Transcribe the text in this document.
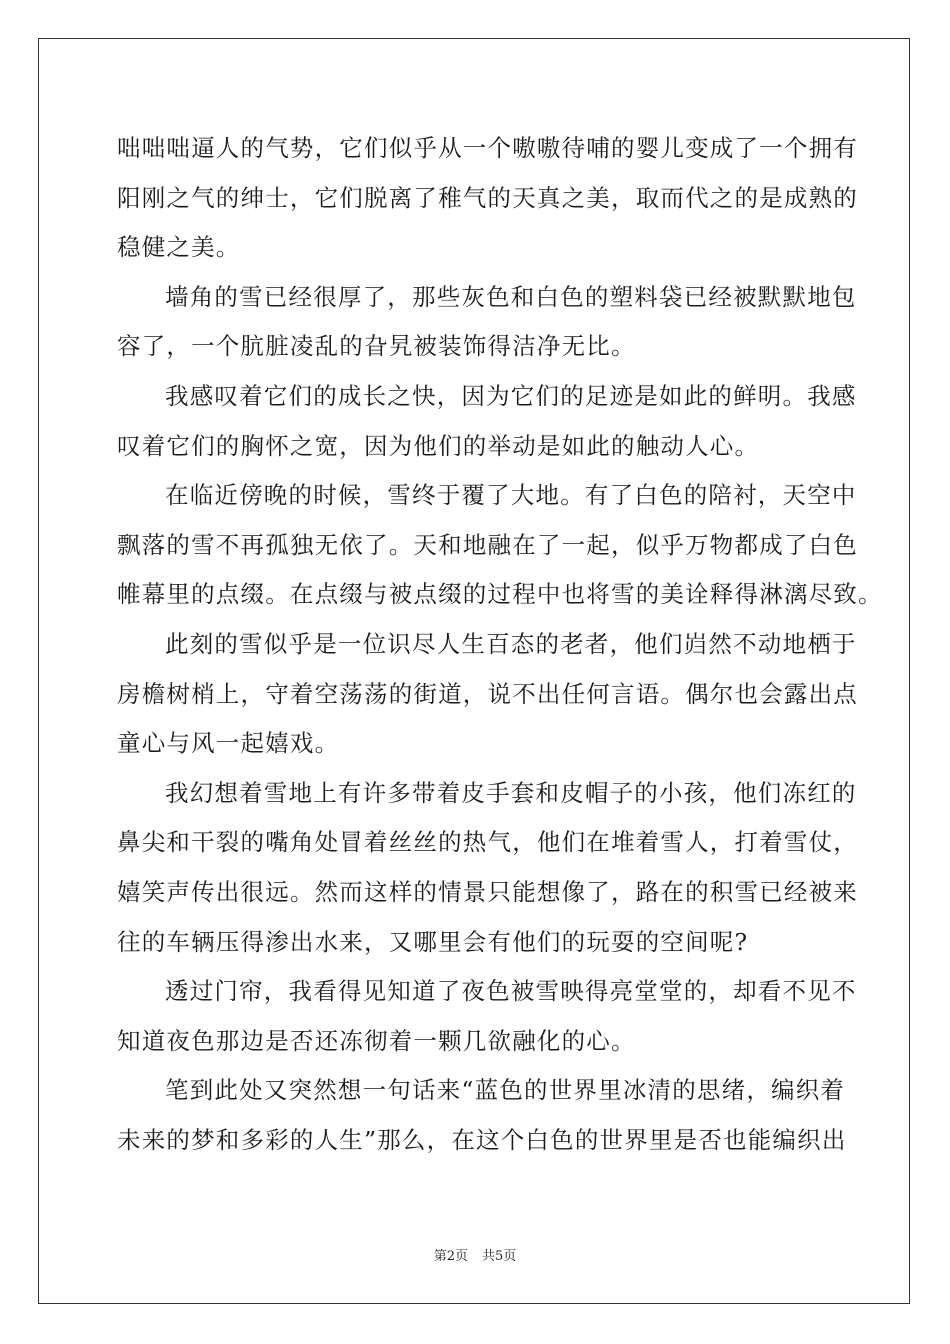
咄咄咄逼人的气势，它们似乎从一个嗷嗷待哺的婴儿变成了一个拥有
阳刚之气的绅士，它们脱离了稚气的天真之美，取而代之的是成熟的
稳健之美。
墙角的雪已经很厚了，那些灰色和白色的塑料袋已经被默默地包
容了，一个肮脏凌乱的旮旯被装饰得洁净无比。
我感叹着它们的成长之快，因为它们的足迹是如此的鲜明。我感
叹着它们的胸怀之宽，因为他们的举动是如此的触动人心。
在临近傍晚的时候，雪终于覆了大地。有了白色的陪衬，天空中
飘落的雪不再孤独无依了。天和地融在了一起，似乎万物都成了白色
帷幕里的点缀。在点缀与被点缀的过程中也将雪的美诠释得淋漓尽致。
此刻的雪似乎是一位识尽人生百态的老者，他们岿然不动地栖于
房檐树梢上，守着空荡荡的街道，说不出任何言语。偶尔也会露出点
童心与风一起嬉戏。
我幻想着雪地上有许多带着皮手套和皮帽子的小孩，他们冻红的
鼻尖和干裂的嘴角处冒着丝丝的热气，他们在堆着雪人，打着雪仗，
嬉笑声传出很远。然而这样的情景只能想像了，路在的积雪已经被来
往的车辆压得渗出水来，又哪里会有他们的玩耍的空间呢?
透过门帘，我看得见知道了夜色被雪映得亮堂堂的，却看不见不
知道夜色那边是否还冻彻着一颗几欲融化的心。
笔到此处又突然想一句话来“蓝色的世界里冰清的思绪，编织着
未来的梦和多彩的人生”那么，在这个白色的世界里是否也能编织出
第2页 共5页
